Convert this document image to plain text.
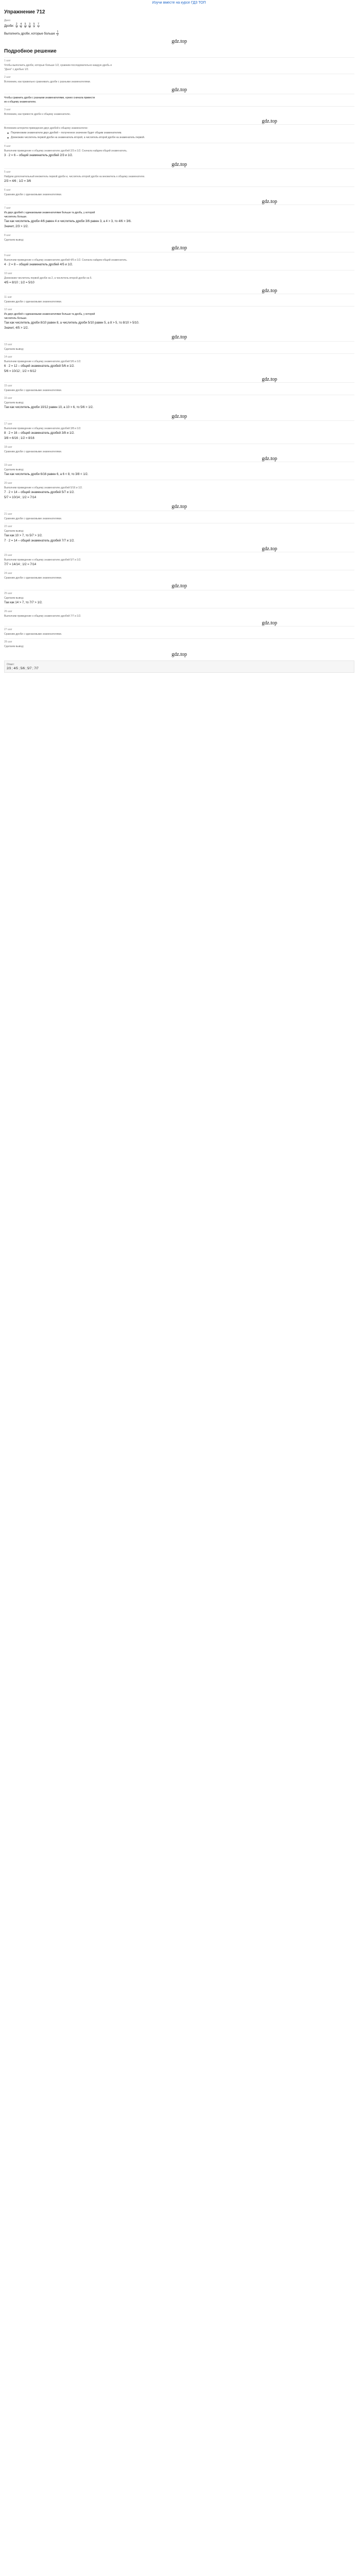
Изучи вместе на курсе ГДЗ ТОП
Упражнение 712
Дано:
Дроби: $\frac{2}{3}$
$\frac{4}{5}$
$\frac{5}{6}$
$\frac{3}{8}$
$\frac{5}{7}$
$\frac{7}{7}$
Выполнить дроби, которые больше $\frac{1}{2}$
gdz.top
Подробное решение
1 шаг
Чтобы выполнить дроби, которые больше 1/2, сравним последовательно каждую дробь и
"Дано" с дробью 1/2.
2 шаг
Вспомним, как правильно сравнивать дроби с разными знаменателями.
gdz.top
Чтобы сравнить дроби с разными знаменателями, нужно сначала привести
их к общему знаменателю.
3 шаг
Вспомним, как привести дроби к общему знаменателю.
gdz.top
Вспомним алгоритм приведения двух дробей к общему знаменателю:
Перемножим знаменатели двух дробей – полученное значение будет общим знаменателем.
Домножим числитель первой дроби на знаменатель второй, а числитель второй дроби на знаменатель первой.
4 шаг
Выполним приведение к общему знаменателю дробей 2/3 и 1/2. Сначала найдем общий знаменатель.
3 · 2 = 6 – общий знаменатель дробей 2/3 и 1/2.
gdz.top
5 шаг
Найдем дополнительный множитель первой дроби и, числитель второй дроби на множитель к общему знаменателю.
2/3 = 4/6 ; 1/2 = 3/6
6 шаг
Сравним дроби с одинаковыми знаменателями.
gdz.top
7 шаг
Из двух дробей с одинаковыми знаменателями больше та дробь, у которой
числитель больше.
Так как числитель дроби 4/6 равен 4 и числитель дроби 3/6 равен 3, а 4 > 3, то 4/6 > 3/6.
Значит, 2/3 > 1/2.
8 шаг
Сделаем вывод:
gdz.top
9 шаг
Выполним приведение к общему знаменателю дробей 4/5 и 1/2. Сначала найдем общий знаменатель.
4 · 2 = 8 – общий знаменатель дробей 4/5 и 1/2.
10 шаг
Домножим числитель первой дроби на 2, а числитель второй дроби на 5.
4/5 = 8/10 ; 1/2 = 5/10
gdz.top
11 шаг
Сравним дроби с одинаковыми знаменателями.
12 шаг
Из двух дробей с одинаковыми знаменателями больше та дробь, у которой
числитель больше.
Так как числитель дроби 8/10 равен 8, а числитель дроби 5/10 равен 5, а 8 > 5, то 8/10 > 5/10.
Значит, 4/5 > 1/2.
gdz.top
13 шаг
Сделаем вывод:
14 шаг
Выполним приведение к общему знаменателю дробей 5/6 и 1/2.
6 · 2 = 12 – общий знаменатель дробей 5/6 и 1/2.
5/6 = 10/12 ; 1/2 = 6/12
gdz.top
15 шаг
Сравним дроби с одинаковыми знаменателями.
16 шаг
Сделаем вывод:
Так как числитель дроби 10/12 равен 10, а 10 > 6, то 5/6 > 1/2.
gdz.top
17 шаг
Выполним приведение к общему знаменателю дробей 3/8 и 1/2.
8 · 2 = 16 – общий знаменатель дробей 3/8 и 1/2.
3/8 = 6/16 ; 1/2 = 8/16
18 шаг
Сравним дроби с одинаковыми знаменателями.
gdz.top
19 шаг
Сделаем вывод:
Так как числитель дроби 6/16 равен 6, а 6 < 8, то 3/8 < 1/2.
20 шаг
Выполним приведение к общему знаменателю дробей 5/16 и 1/2.
7 · 2 = 14 – общий знаменатель дробей 5/7 и 1/2.
5/7 = 10/14 ; 1/2 = 7/14
gdz.top
21 шаг
Сравним дроби с одинаковыми знаменателями.
22 шаг
Сделаем вывод:
Так как 10 > 7, то 5/7 > 1/2.
7 · 2 = 14 – общий знаменатель дробей 7/7 и 1/2.
gdz.top
23 шаг
Выполним приведение к общему знаменателю дробей 5/7 и 1/2.
7/7 = 14/14 ; 1/2 = 7/14
24 шаг
Сравним дроби с одинаковыми знаменателями.
gdz.top
25 шаг
Сделаем вывод:
Так как 14 > 7, то 7/7 > 1/2.
26 шаг
Выполним приведение к общему знаменателю дробей 7/7 и 1/2.
gdz.top
27 шаг
Сравним дроби с одинаковыми знаменателями.
28 шаг
Сделаем вывод:
gdz.top
Ответ:
2/3 ; 4/5 ; 5/6 ; 5/7 ; 7/7
